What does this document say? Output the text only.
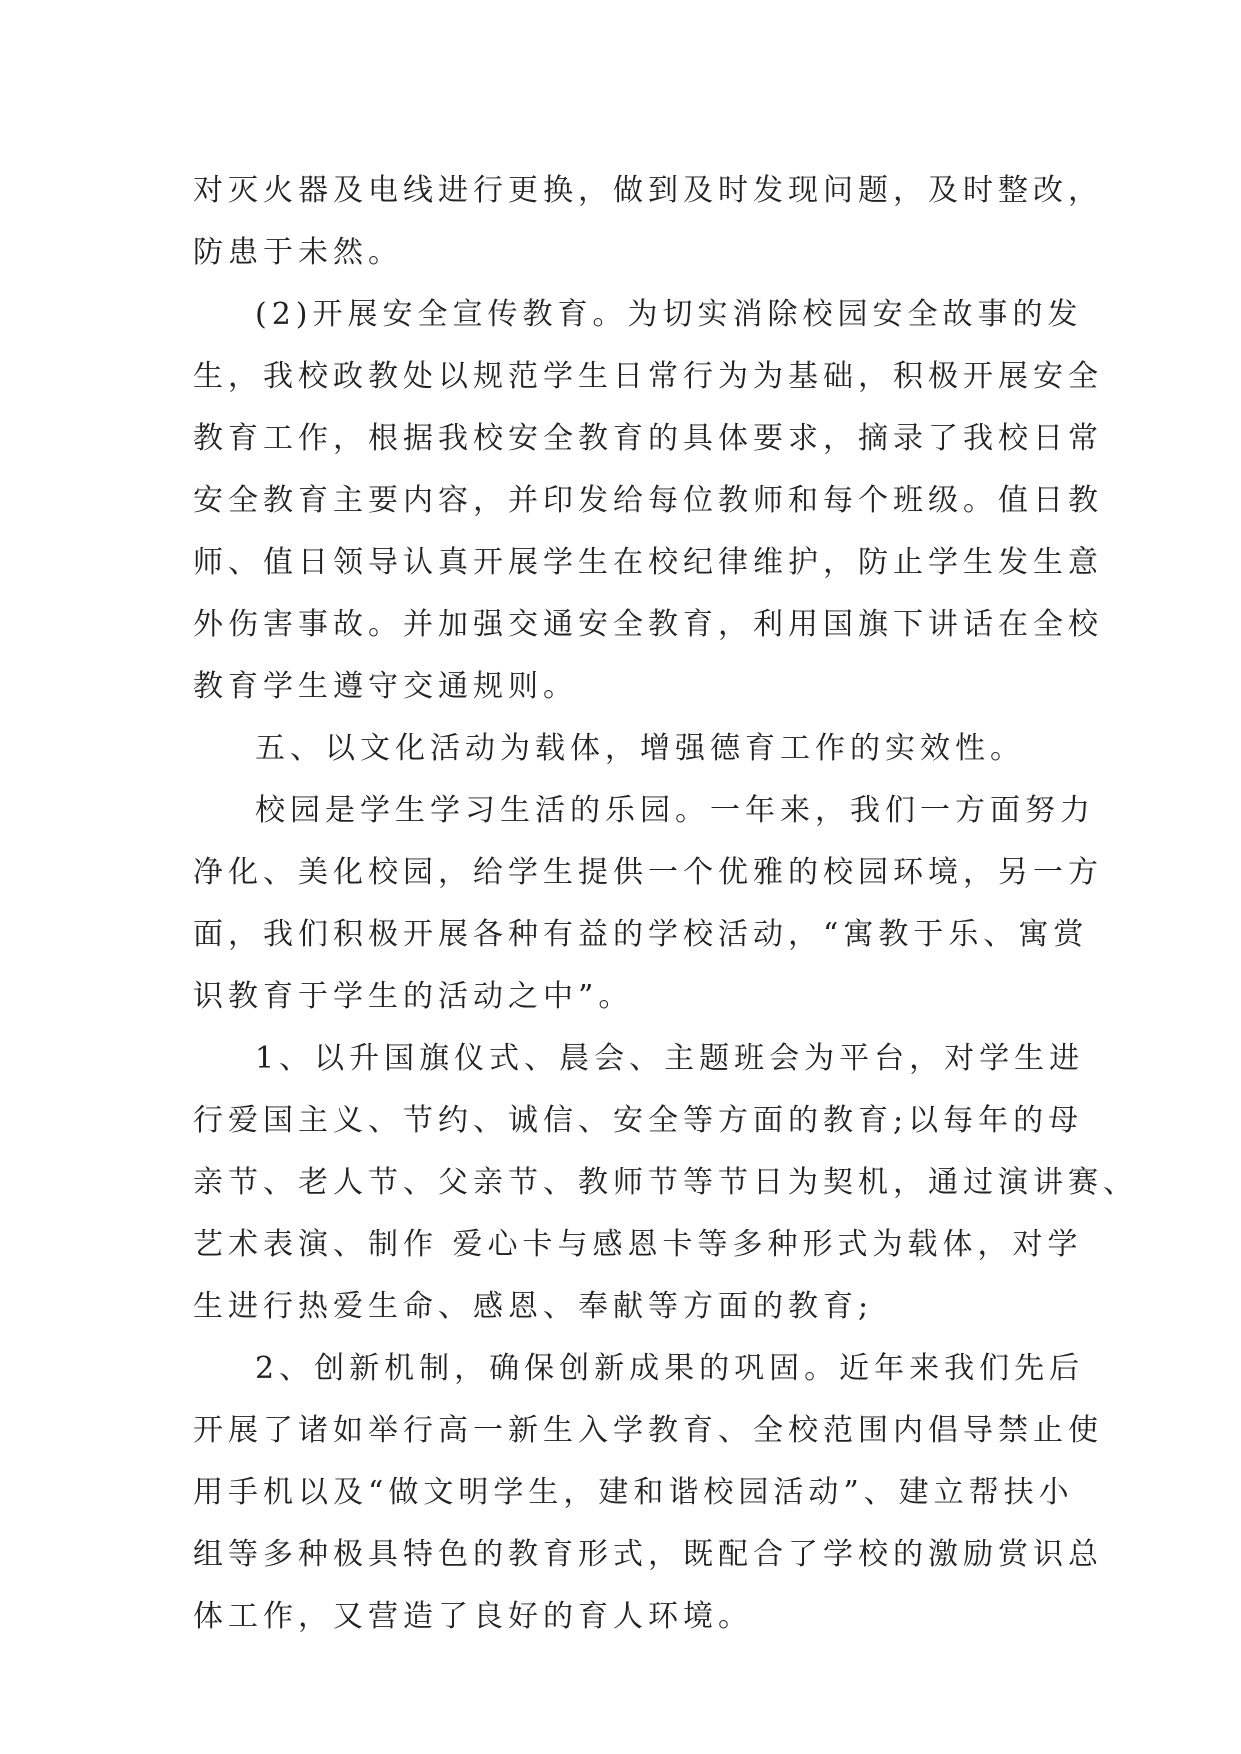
对灭火器及电线进行更换，做到及时发现问题，及时整改，
防患于未然。
(2)开展安全宣传教育。为切实消除校园安全故事的发
生，我校政教处以规范学生日常行为为基础，积极开展安全
教育工作，根据我校安全教育的具体要求，摘录了我校日常
安全教育主要内容，并印发给每位教师和每个班级。值日教
师、值日领导认真开展学生在校纪律维护，防止学生发生意
外伤害事故。并加强交通安全教育，利用国旗下讲话在全校
教育学生遵守交通规则。
五、以文化活动为载体，增强德育工作的实效性。
校园是学生学习生活的乐园。一年来，我们一方面努力
净化、美化校园，给学生提供一个优雅的校园环境，另一方
面，我们积极开展各种有益的学校活动，“寓教于乐、寓赏
识教育于学生的活动之中”。
1、以升国旗仪式、晨会、主题班会为平台，对学生进
行爱国主义、节约、诚信、安全等方面的教育;以每年的母
亲节、老人节、父亲节、教师节等节日为契机，通过演讲赛、
艺术表演、制作 爱心卡与感恩卡等多种形式为载体，对学
生进行热爱生命、感恩、奉献等方面的教育;
2、创新机制，确保创新成果的巩固。近年来我们先后
开展了诸如举行高一新生入学教育、全校范围内倡导禁止使
用手机以及“做文明学生，建和谐校园活动”、建立帮扶小
组等多种极具特色的教育形式，既配合了学校的激励赏识总
体工作，又营造了良好的育人环境。
